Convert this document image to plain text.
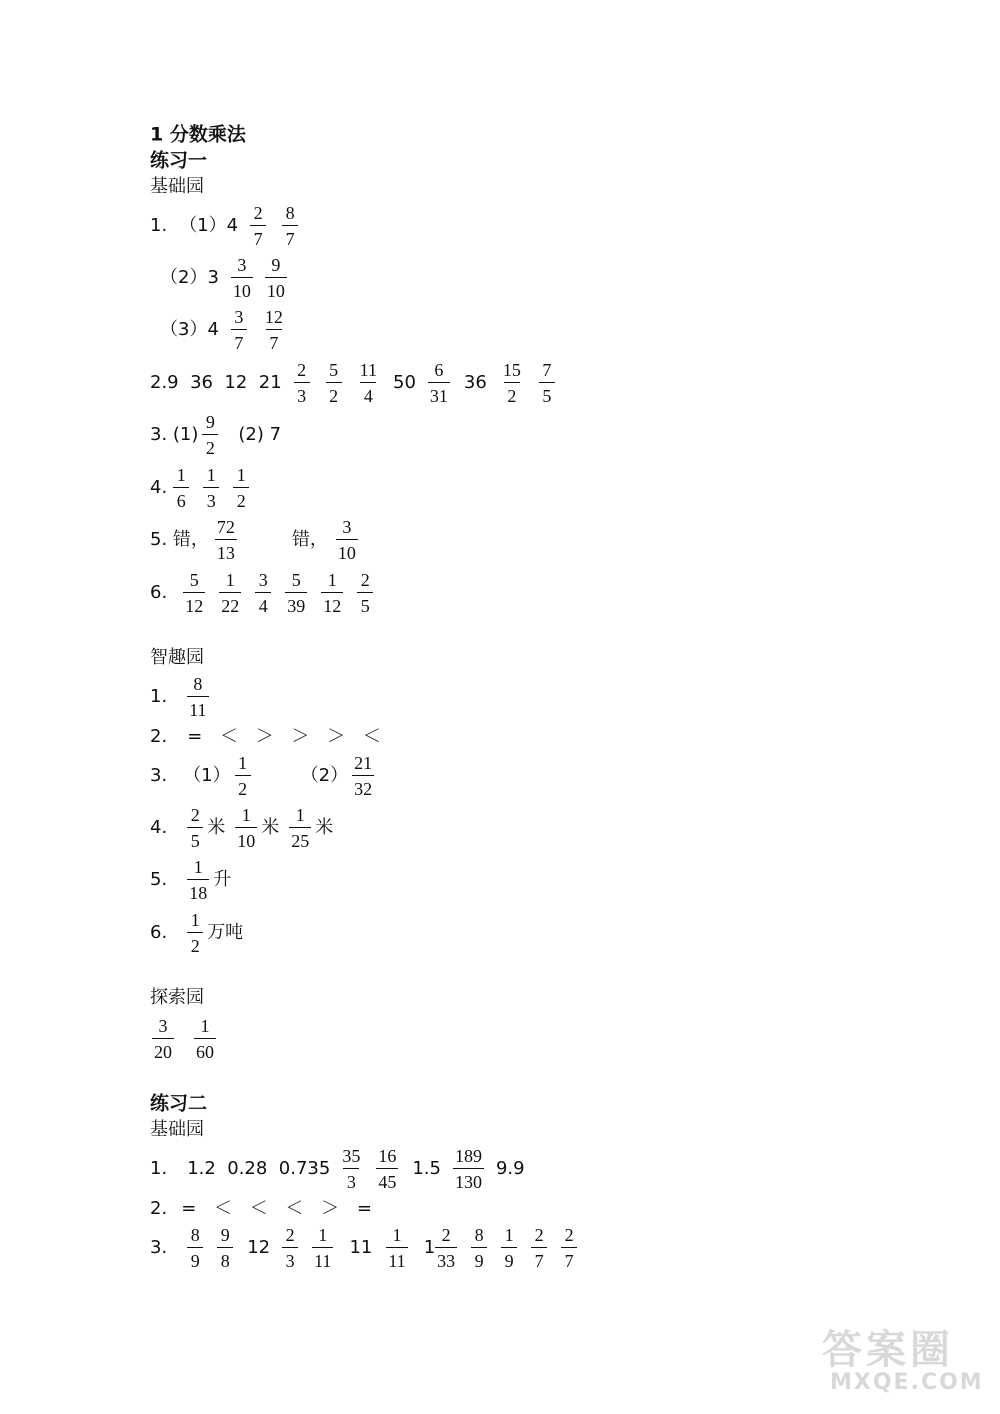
1 分数乘法
练习一
基础园
1. （1）4
2
7
8
7
（2）3
3
10
9
10
（3）4
3
7
12
7
2.9  36  12  21
2
3
5
2
11
4
50
6
31
36
15
2
7
5
3. (1)
9
2
(2) 7
4.
1
6
1
3
1
2
5. 错，
72
13
错，
3
10
6.
5
12
1
22
3
4
5
39
1
12
2
5
智趣园
1.
8
11
2. = ＜ ＞ ＞ ＞ ＜
3. （1）
1
2
（2）
21
32
4.
2
5
米
1
10
米
1
25
米
5.
1
18
升
6.
1
2
万吨
探索园
3
20
1
60
练习二
基础园
1. 1.2  0.28  0.735
35
3
16
45
1.5
189
130
9.9
2. = ＜ ＜ ＜ ＞ =
3.
8
9
9
8
12
2
3
1
11
11
1
11
1
2
33
8
9
1
9
2
7
2
7
答案圈
MXQE.COM
